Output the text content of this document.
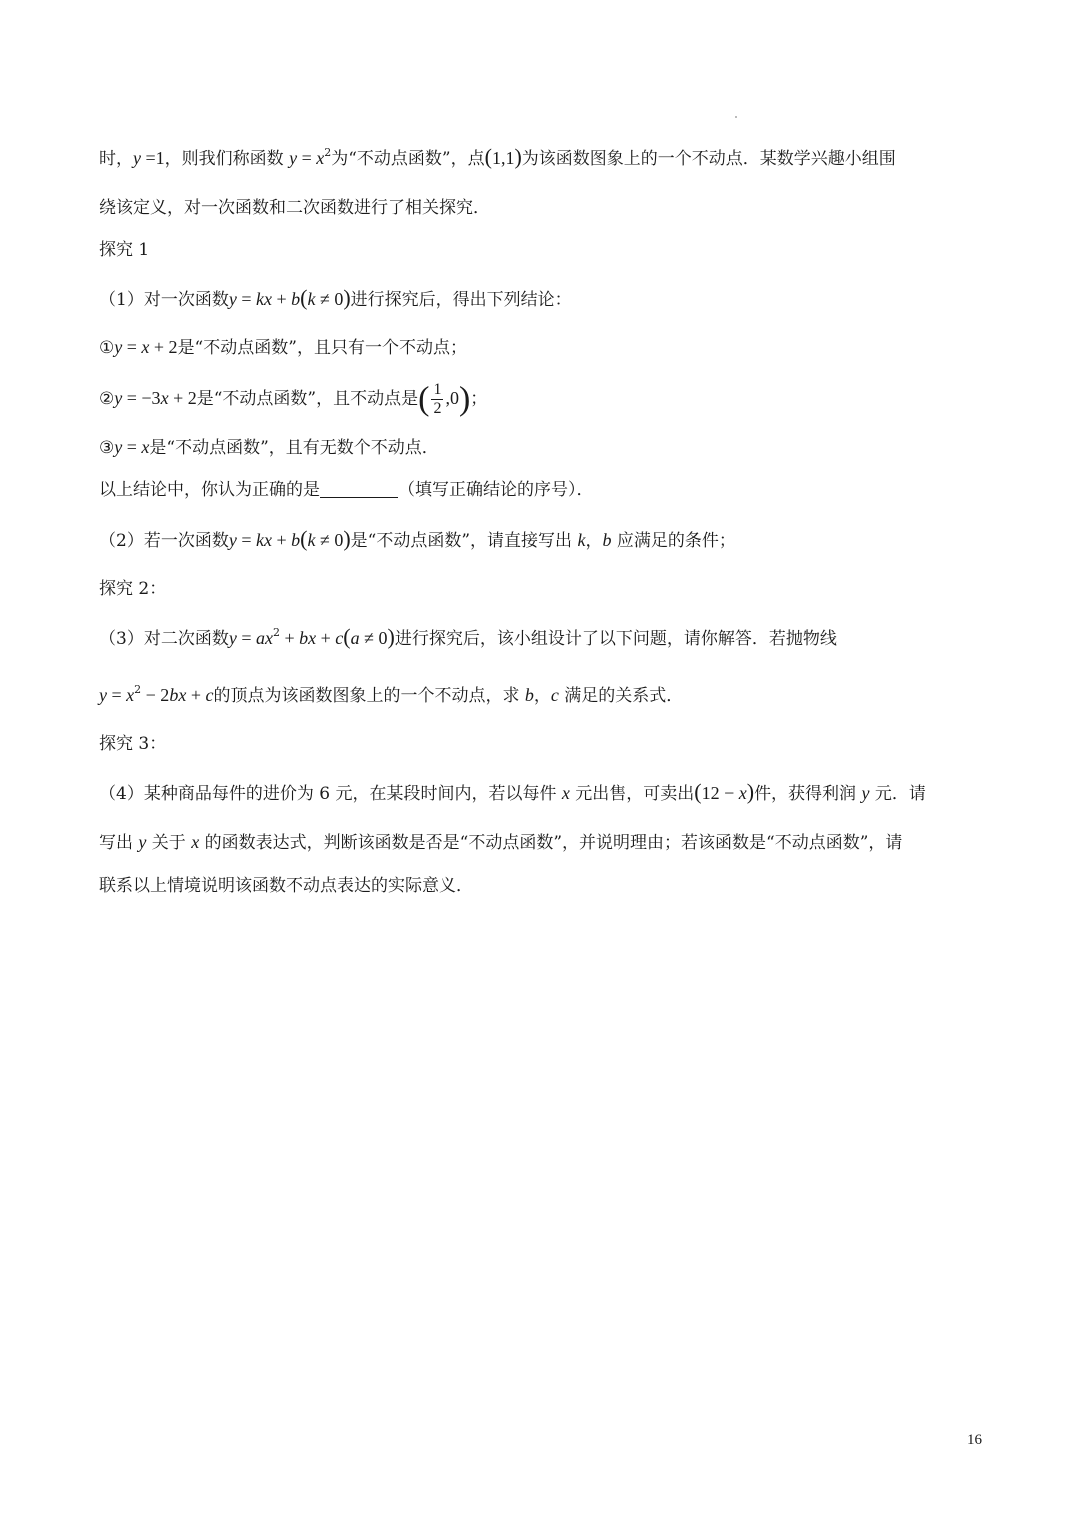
时，y =1，则我们称函数 $y = x^2$为“不动点函数”，点(1,1)为该函数图象上的一个不动点．某数学兴趣小组围
绕该定义，对一次函数和二次函数进行了相关探究．
探究 1
（1）对一次函数y = kx + b(k ≠ 0)进行探究后，得出下列结论：
①y = x + 2是“不动点函数”，且只有一个不动点；
②y = −3x + 2是“不动点函数”，且不动点是( $\frac{1}{2} ,0$)；
③y = x是“不动点函数”，且有无数个不动点．
以上结论中，你认为正确的是	（填写正确结论的序号）．
（2）若一次函数y = kx + b(k ≠ 0)是“不动点函数”，请直接写出 k，b 应满足的条件；
探究 2：
（3）对二次函数$y = ax^2$ + bx + c(a ≠ 0)进行探究后，该小组设计了以下问题，请你解答．若抛物线
$y = x^2 - 2bx + c$的顶点为该函数图象上的一个不动点，求 b，c 满足的关系式．
探究 3：
（4）某种商品每件的进价为 6 元，在某段时间内，若以每件 x 元出售，可卖出(12 − x)件，获得利润 y 元．请
写出 y 关于 x 的函数表达式，判断该函数是否是“不动点函数”，并说明理由；若该函数是“不动点函数”，请
联系以上情境说明该函数不动点表达的实际意义．
16
